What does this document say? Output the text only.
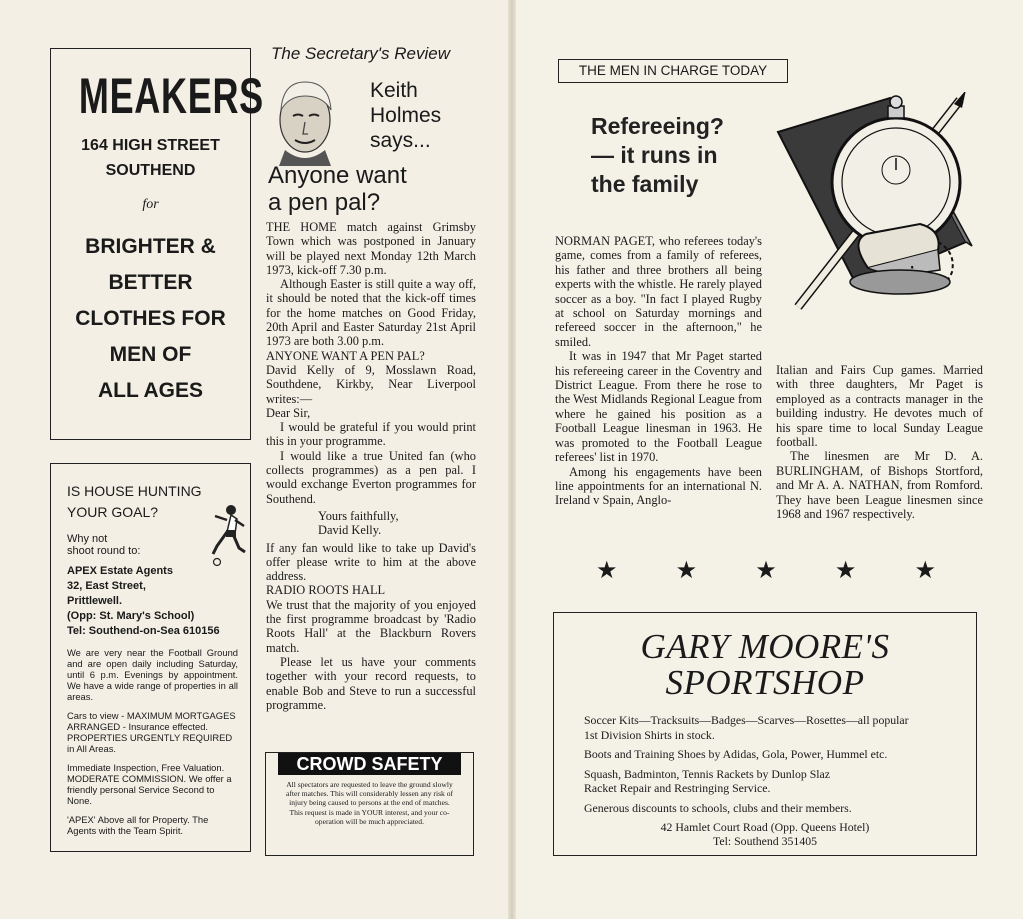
MEAKERS
164 HIGH STREET
SOUTHEND
for
BRIGHTER &
BETTER
CLOTHES FOR
MEN OF
ALL AGES
IS HOUSE HUNTING
YOUR GOAL?
Why not
shoot round to:
APEX Estate Agents
32, East Street,
Prittlewell.
(Opp: St. Mary's School)
Tel: Southend-on-Sea 610156

We are very near the Football Ground and are open daily including Saturday, until 6 p.m. Evenings by appointment. We have a wide range of properties in all areas.

Cars to view - MAXIMUM MORTGAGES ARRANGED - Insurance effected. PROPERTIES URGENTLY REQUIRED in All Areas.

Immediate Inspection, Free Valuation. MODERATE COMMISSION. We offer a friendly personal Service Second to None.

'APEX' Above all for Property. The Agents with the Team Spirit.

The Secretary's Review
Keith
Holmes
says...
Anyone want
a pen pal?

THE HOME match against Grimsby Town which was postponed in January will be played next Monday 12th March 1973, kick-off 7.30 p.m.

Although Easter is still quite a way off, it should be noted that the kick-off times for the home matches on Good Friday, 20th April and Easter Saturday 21st April 1973 are both 3.00 p.m.

ANYONE WANT A PEN PAL?

David Kelly of 9, Mosslawn Road, Southdene, Kirkby, Near Liverpool writes:—

Dear Sir,

I would be grateful if you would print this in your programme.

I would like a true United fan (who collects programmes) as a pen pal. I would exchange Everton programmes for Southend.

Yours faithfully,

David Kelly.

If any fan would like to take up David's offer please write to him at the above address.

RADIO ROOTS HALL

We trust that the majority of you enjoyed the first programme broadcast by 'Radio Roots Hall' at the Blackburn Rovers match.

Please let us have your comments together with your record requests, to enable Bob and Steve to run a successful programme.

CROWD SAFETY
All spectators are requested to leave the ground slowly after matches. This will considerably lessen any risk of injury being caused to persons at the end of matches.
This request is made in YOUR interest, and your co-operation will be much appreciated.
THE MEN IN CHARGE TODAY
Refereeing?
— it runs in
the family

NORMAN PAGET, who referees today's game, comes from a family of referees, his father and three brothers all being experts with the whistle. He rarely played soccer as a boy. "In fact I played Rugby at school on Saturday mornings and refereed soccer in the afternoon," he smiled.

It was in 1947 that Mr Paget started his refereeing career in the Coventry and District League. From there he rose to the West Midlands Regional League from where he gained his position as a Football League linesman in 1963. He was promoted to the Football League referees' list in 1970.

Among his engagements have been line appointments for an international N. Ireland v Spain, Anglo-

Italian and Fairs Cup games. Married with three daughters, Mr Paget is employed as a contracts manager in the building industry. He devotes much of his spare time to local Sunday League football.

The linesmen are Mr D. A. BURLINGHAM, of Bishops Stortford, and Mr A. A. NATHAN, from Romford. They have been League linesmen since 1968 and 1967 respectively.

★ ★ ★ ★ ★
GARY MOORE'S
SPORTSHOP

Soccer Kits—Tracksuits—Badges—Scarves—Rosettes—all popular
1st Division Shirts in stock.

Boots and Training Shoes by Adidas, Gola, Power, Hummel etc.

Squash, Badminton, Tennis Rackets by Dunlop Slaz
Racket Repair and Restringing Service.

Generous discounts to schools, clubs and their members.

42 Hamlet Court Road (Opp. Queens Hotel)
Tel: Southend 351405
